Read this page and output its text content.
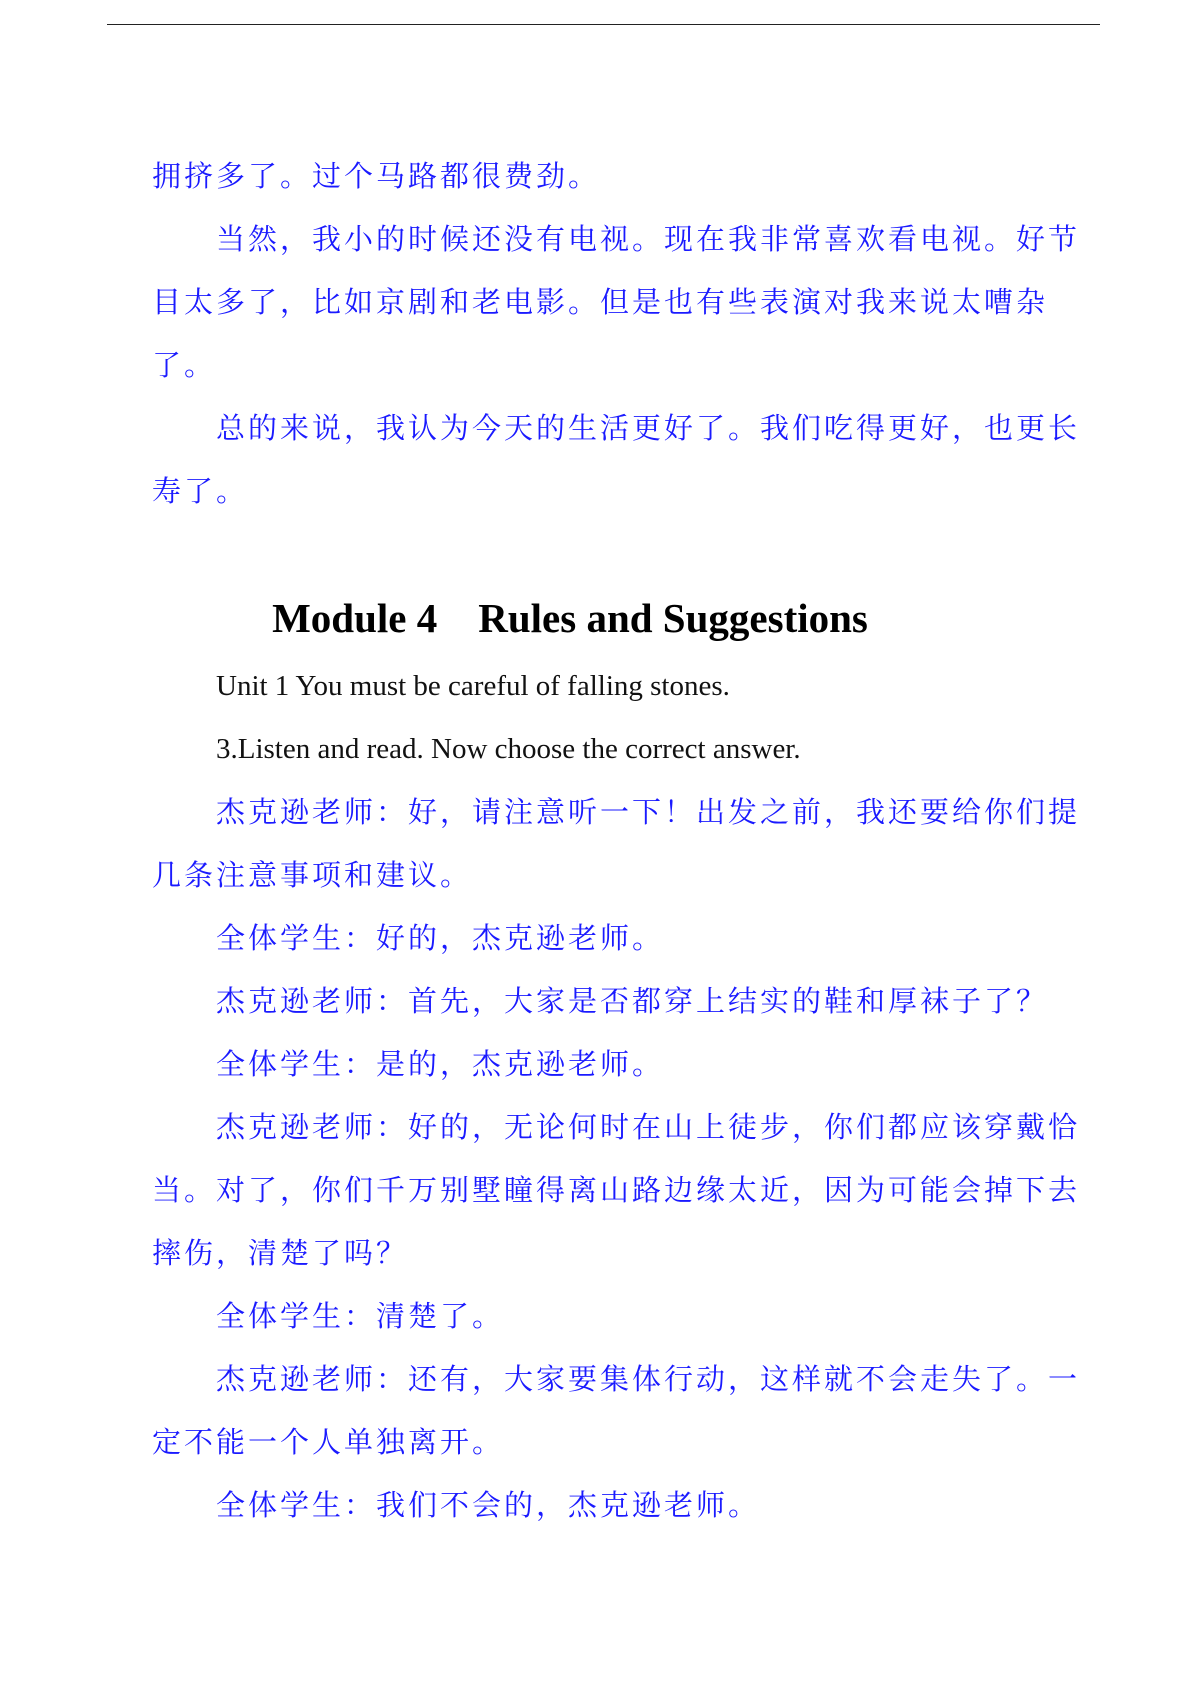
拥挤多了。过个马路都很费劲。

当然，我小的时候还没有电视。现在我非常喜欢看电视。好节目太多了，比如京剧和老电影。但是也有些表演对我来说太嘈杂了。

总的来说，我认为今天的生活更好了。我们吃得更好，也更长寿了。

Module 4    Rules and Suggestions

Unit 1 You must be careful of falling stones.

3.Listen and read. Now choose the correct answer.

杰克逊老师：好，请注意听一下！出发之前，我还要给你们提几条注意事项和建议。

全体学生：好的，杰克逊老师。

杰克逊老师：首先，大家是否都穿上结实的鞋和厚袜子了？

全体学生：是的，杰克逊老师。

杰克逊老师：好的，无论何时在山上徒步，你们都应该穿戴恰当。对了，你们千万别墅瞳得离山路边缘太近，因为可能会掉下去摔伤，清楚了吗？

全体学生：清楚了。

杰克逊老师：还有，大家要集体行动，这样就不会走失了。一定不能一个人单独离开。

全体学生：我们不会的，杰克逊老师。
